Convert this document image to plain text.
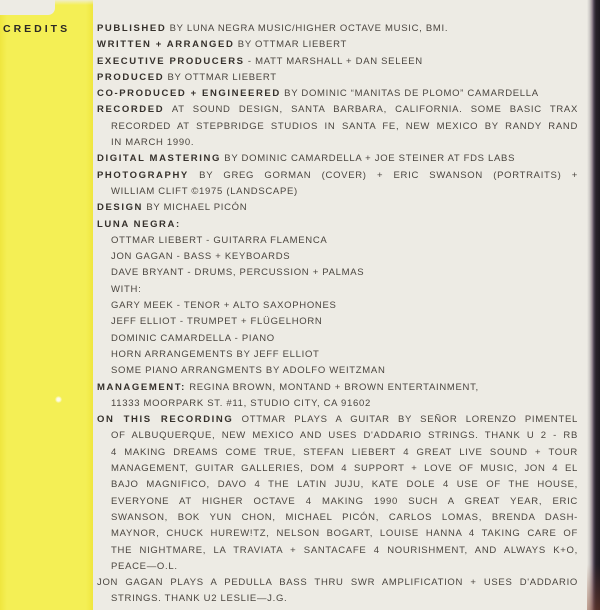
CREDITS	PUBLISHED BY LUNA NEGRA MUSIC/HIGHER OCTAVE MUSIC, BMI.
WRITTEN + ARRANGED BY OTTMAR LIEBERT
EXECUTIVE PRODUCERS - MATT MARSHALL + DAN SELEEN
PRODUCED BY OTTMAR LIEBERT
CO-PRODUCED + ENGINEERED BY DOMINIC “MANITAS DE PLOMO” CAMARDELLA
RECORDED AT SOUND DESIGN, SANTA BARBARA, CALIFORNIA. SOME BASIC TRAX
RECORDED AT STEPBRIDGE STUDIOS IN SANTA FE, NEW MEXICO BY RANDY RAND
IN MARCH 1990.
DIGITAL MASTERING BY DOMINIC CAMARDELLA + JOE STEINER AT FDS LABS
PHOTOGRAPHY BY GREG GORMAN (COVER) + ERIC SWANSON (PORTRAITS) +
WILLIAM CLIFT ©1975 (LANDSCAPE)
DESIGN BY MICHAEL PICÓN
LUNA NEGRA:
OTTMAR LIEBERT - GUITARRA FLAMENCA
JON GAGAN - BASS + KEYBOARDS
DAVE BRYANT - DRUMS, PERCUSSION + PALMAS
WITH:
GARY MEEK - TENOR + ALTO SAXOPHONES
JEFF ELLIOT - TRUMPET + FLÜGELHORN
DOMINIC CAMARDELLA - PIANO
HORN ARRANGEMENTS BY JEFF ELLIOT
SOME PIANO ARRANGMENTS BY ADOLFO WEITZMAN
MANAGEMENT: REGINA BROWN, MONTAND + BROWN ENTERTAINMENT,
11333 MOORPARK ST. #11, STUDIO CITY, CA 91602
ON THIS RECORDING OTTMAR PLAYS A GUITAR BY SEÑOR LORENZO PIMENTEL
OF ALBUQUERQUE, NEW MEXICO AND USES D'ADDARIO STRINGS. THANK U 2 - RB
4 MAKING DREAMS COME TRUE, STEFAN LIEBERT 4 GREAT LIVE SOUND + TOUR
MANAGEMENT, GUITAR GALLERIES, DOM 4 SUPPORT + LOVE OF MUSIC, JON 4 EL
BAJO MAGNIFICO, DAVO 4 THE LATIN JUJU, KATE DOLE 4 USE OF THE HOUSE,
EVERYONE AT HIGHER OCTAVE 4 MAKING 1990 SUCH A GREAT YEAR, ERIC
SWANSON, BOK YUN CHON, MICHAEL PICÓN, CARLOS LOMAS, BRENDA DASH-
MAYNOR, CHUCK HUREW!TZ, NELSON BOGART, LOUISE HANNA 4 TAKING CARE OF
THE NIGHTMARE, LA TRAVIATA + SANTACAFE 4 NOURISHMENT, AND ALWAYS K+O,
PEACE—O.L.
JON GAGAN PLAYS A PEDULLA BASS THRU SWR AMPLIFICATION + USES D'ADDARIO
STRINGS. THANK U2 LESLIE—J.G.
